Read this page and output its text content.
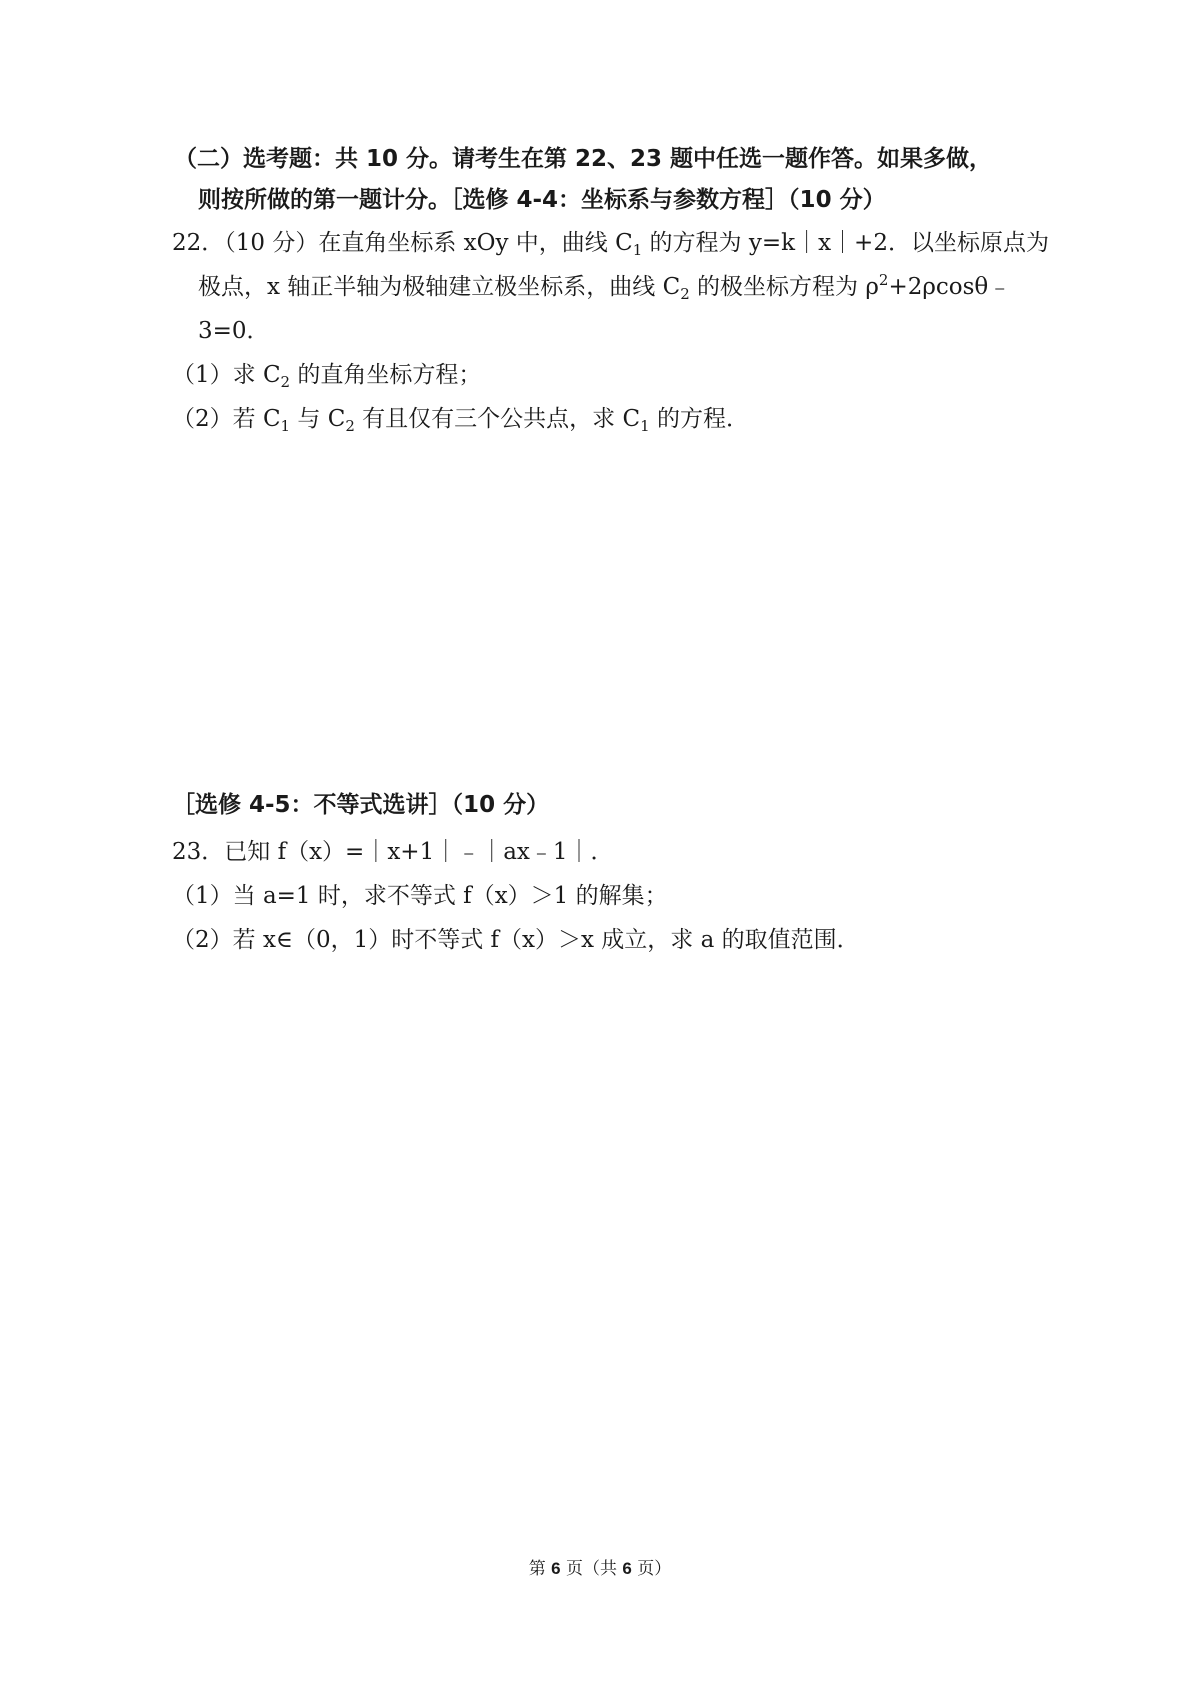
（二）选考题：共 10 分。请考生在第 22、23 题中任选一题作答。如果多做，
则按所做的第一题计分。［选修 4-4：坐标系与参数方程］（10 分）
22．（10 分）在直角坐标系 xOy 中，曲线 $C_1$ 的方程为 y=k｜x｜+2．以坐标原点为
极点，x 轴正半轴为极轴建立极坐标系，曲线 $C_2$ 的极坐标方程为 $\rho^2+2\rho\cos\theta﹣$
3=0．
（1）求 $C_2$ 的直角坐标方程；
（2）若 $C_1$ 与 $C_2$ 有且仅有三个公共点，求 $C_1$ 的方程．
［选修 4-5：不等式选讲］（10 分）
23．已知 f（x）=｜x+1｜﹣｜ax﹣1｜．
（1）当 a=1 时，求不等式 f（x）＞1 的解集；
（2）若 x∈（0，1）时不等式 f（x）＞x 成立，求 a 的取值范围．
第 6 页（共 6 页）
